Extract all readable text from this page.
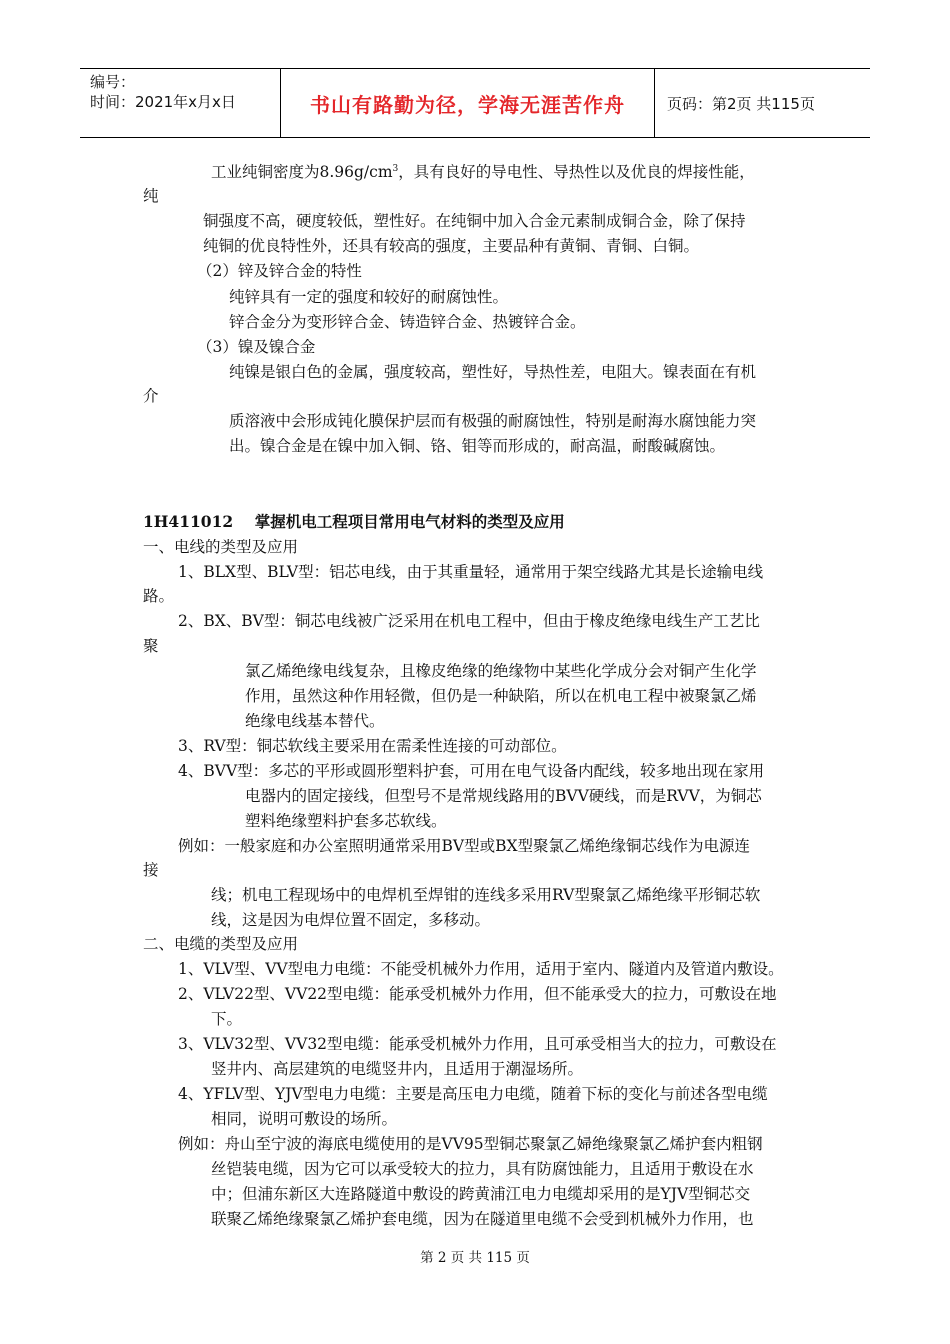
编号：
时间：2021年x月x日	书山有路勤为径，学海无涯苦作舟	页码：第2页 共115页
工业纯铜密度为$8.96g/cm^3$，具有良好的导电性、导热性以及优良的焊接性能，
纯
铜强度不高，硬度较低，塑性好。在纯铜中加入合金元素制成铜合金，除了保持
纯铜的优良特性外，还具有较高的强度，主要品种有黄铜、青铜、白铜。
（2）锌及锌合金的特性
纯锌具有一定的强度和较好的耐腐蚀性。
锌合金分为变形锌合金、铸造锌合金、热镀锌合金。
（3）镍及镍合金
纯镍是银白色的金属，强度较高，塑性好，导热性差，电阻大。镍表面在有机
介
质溶液中会形成钝化膜保护层而有极强的耐腐蚀性，特别是耐海水腐蚀能力突
出。镍合金是在镍中加入铜、铬、钼等而形成的，耐高温，耐酸碱腐蚀。
1H411012    掌握机电工程项目常用电气材料的类型及应用
一、电线的类型及应用
1、BLX型、BLV型：铝芯电线，由于其重量轻，通常用于架空线路尤其是长途输电线
路。
2、BX、BV型：铜芯电线被广泛采用在机电工程中，但由于橡皮绝缘电线生产工艺比
聚
氯乙烯绝缘电线复杂，且橡皮绝缘的绝缘物中某些化学成分会对铜产生化学
作用，虽然这种作用轻微，但仍是一种缺陷，所以在机电工程中被聚氯乙烯
绝缘电线基本替代。
3、RV型：铜芯软线主要采用在需柔性连接的可动部位。
4、BVV型：多芯的平形或圆形塑料护套，可用在电气设备内配线，较多地出现在家用
电器内的固定接线，但型号不是常规线路用的BVV硬线，而是RVV，为铜芯
塑料绝缘塑料护套多芯软线。
例如：一般家庭和办公室照明通常采用BV型或BX型聚氯乙烯绝缘铜芯线作为电源连
接
线；机电工程现场中的电焊机至焊钳的连线多采用RV型聚氯乙烯绝缘平形铜芯软
线，这是因为电焊位置不固定，多移动。
二、电缆的类型及应用
1、VLV型、VV型电力电缆：不能受机械外力作用，适用于室内、隧道内及管道内敷设。
2、VLV22型、VV22型电缆：能承受机械外力作用，但不能承受大的拉力，可敷设在地
下。
3、VLV32型、VV32型电缆：能承受机械外力作用，且可承受相当大的拉力，可敷设在
竖井内、高层建筑的电缆竖井内，且适用于潮湿场所。
4、YFLV型、YJV型电力电缆：主要是高压电力电缆，随着下标的变化与前述各型电缆
相同，说明可敷设的场所。
例如：舟山至宁波的海底电缆使用的是VV95型铜芯聚氯乙婦绝缘聚氯乙烯护套内粗钢
丝铠装电缆，因为它可以承受较大的拉力，具有防腐蚀能力，且适用于敷设在水
中；但浦东新区大连路隧道中敷设的跨黄浦江电力电缆却采用的是YJV型铜芯交
联聚乙烯绝缘聚氯乙烯护套电缆，因为在隧道里电缆不会受到机械外力作用，也
第 2 页 共 115 页
